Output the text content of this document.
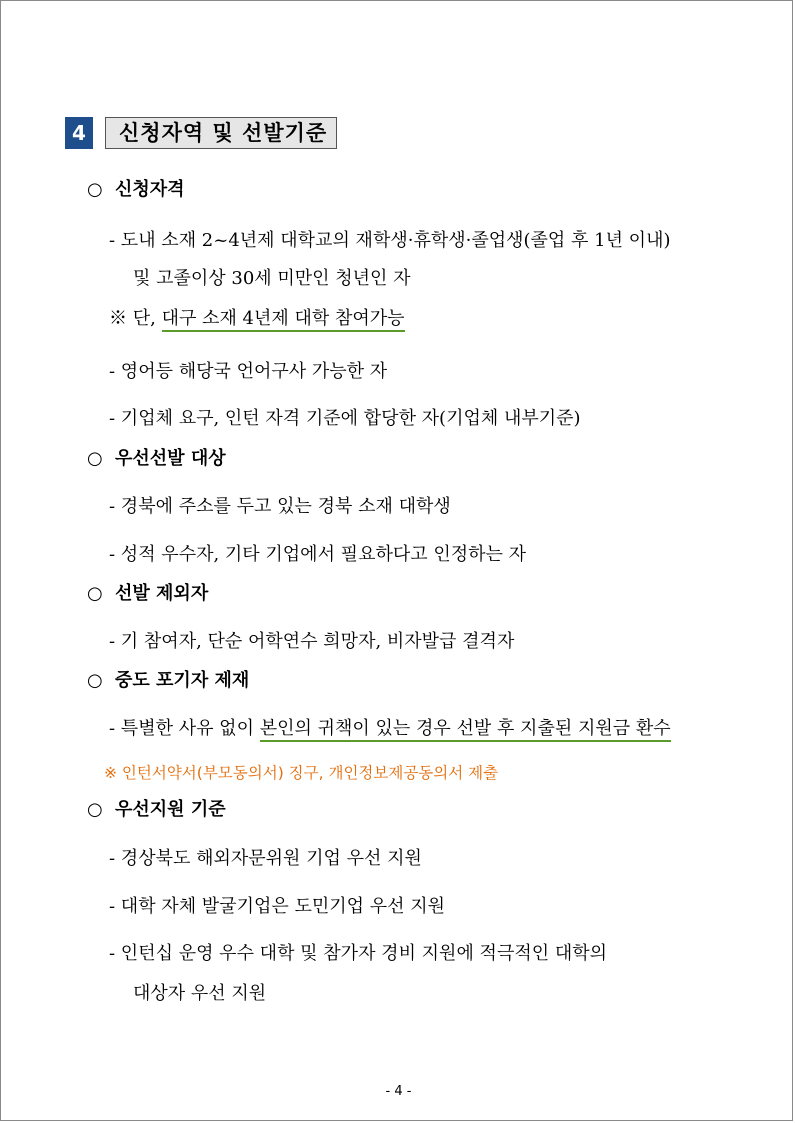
4	신청자역 및 선발기준
○ 신청자격
- 도내 소재 2~4년제 대학교의 재학생·휴학생·졸업생(졸업 후 1년 이내)
및 고졸이상 30세 미만인 청년인 자
※ 단, 대구 소재 4년제 대학 참여가능
- 영어등 해당국 언어구사 가능한 자
- 기업체 요구, 인턴 자격 기준에 합당한 자(기업체 내부기준)
○ 우선선발 대상
- 경북에 주소를 두고 있는 경북 소재 대학생
- 성적 우수자, 기타 기업에서 필요하다고 인정하는 자
○ 선발 제외자
- 기 참여자, 단순 어학연수 희망자, 비자발급 결격자
○ 중도 포기자 제재
- 특별한 사유 없이 본인의 귀책이 있는 경우 선발 후 지출된 지원금 환수
※ 인턴서약서(부모동의서) 징구, 개인정보제공동의서 제출
○ 우선지원 기준
- 경상북도 해외자문위원 기업 우선 지원
- 대학 자체 발굴기업은 도민기업 우선 지원
- 인턴십 운영 우수 대학 및 참가자 경비 지원에 적극적인 대학의
대상자 우선 지원
- 4 -
